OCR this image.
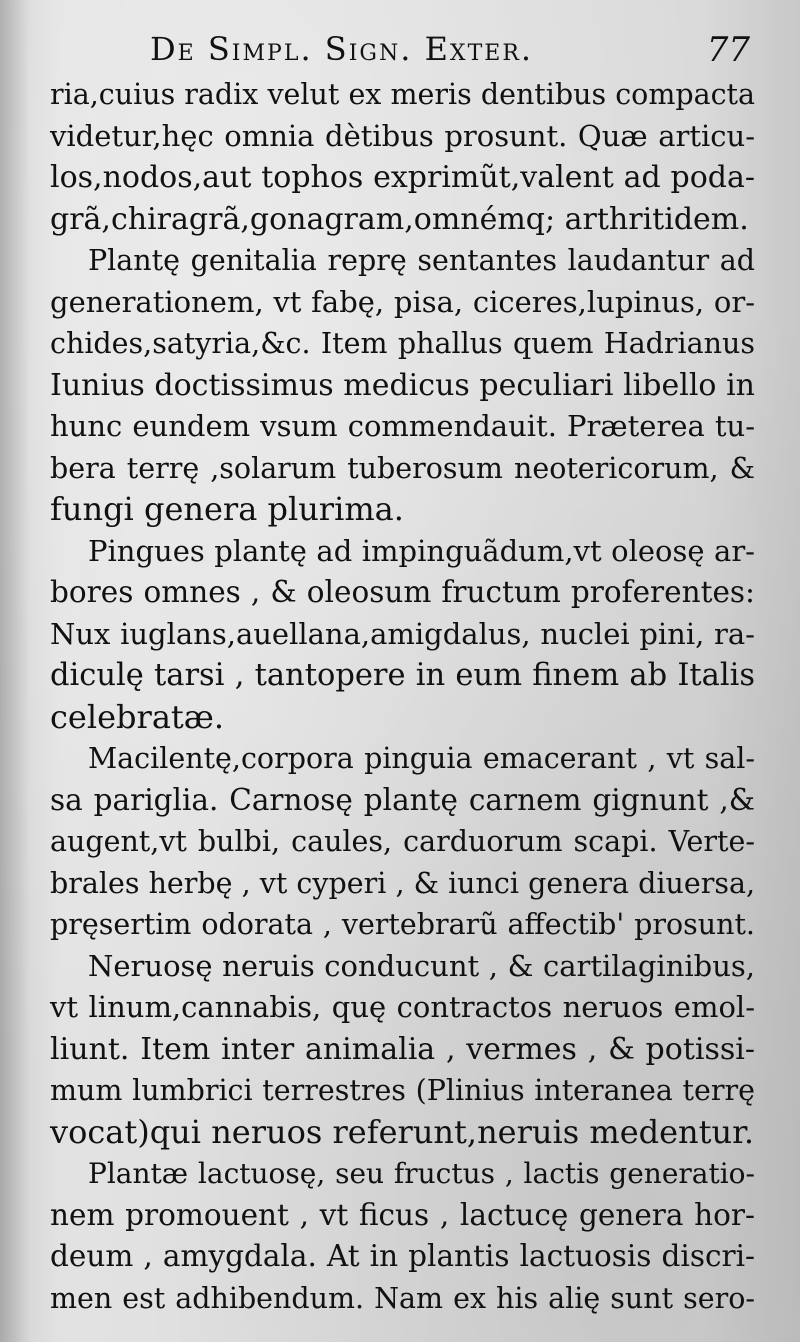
De Simpl. Sign. Exter.	77
ria,cuius radix velut ex meris dentibus compacta
videtur,hęc omnia dètibus prosunt. Quæ articu-
los,nodos,aut tophos exprimũt,valent ad poda-
grã,chiragrã,gonagram,omnémq; arthritidem.
Plantę genitalia reprę sentantes laudantur ad
generationem, vt fabę, pisa, ciceres,lupinus, or-
chides,satyria,&c. Item phallus quem Hadrianus
Iunius doctissimus medicus peculiari libello in
hunc eundem vsum commendauit. Præterea tu-
bera terrę ,solarum tuberosum neotericorum, &
fungi genera plurima.
Pingues plantę ad impinguãdum,vt oleosę ar-
bores omnes , & oleosum fructum proferentes:
Nux iuglans,auellana,amigdalus, nuclei pini, ra-
diculę tarsi , tantopere in eum finem ab Italis
celebratæ.
Macilentę,corpora pinguia emacerant , vt sal-
sa pariglia. Carnosę plantę carnem gignunt ,&
augent,vt bulbi, caules, carduorum scapi. Verte-
brales herbę , vt cyperi , & iunci genera diuersa,
pręsertim odorata , vertebrarũ affectib' prosunt.
Neruosę neruis conducunt , & cartilaginibus,
vt linum,cannabis, quę contractos neruos emol-
liunt. Item inter animalia , vermes , & potissi-
mum lumbrici terrestres (Plinius interanea terrę
vocat)qui neruos referunt,neruis medentur.
Plantæ lactuosę, seu fructus , lactis generatio-
nem promouent , vt ficus , lactucę genera hor-
deum , amygdala. At in plantis lactuosis discri-
men est adhibendum. Nam ex his alię sunt sero-
